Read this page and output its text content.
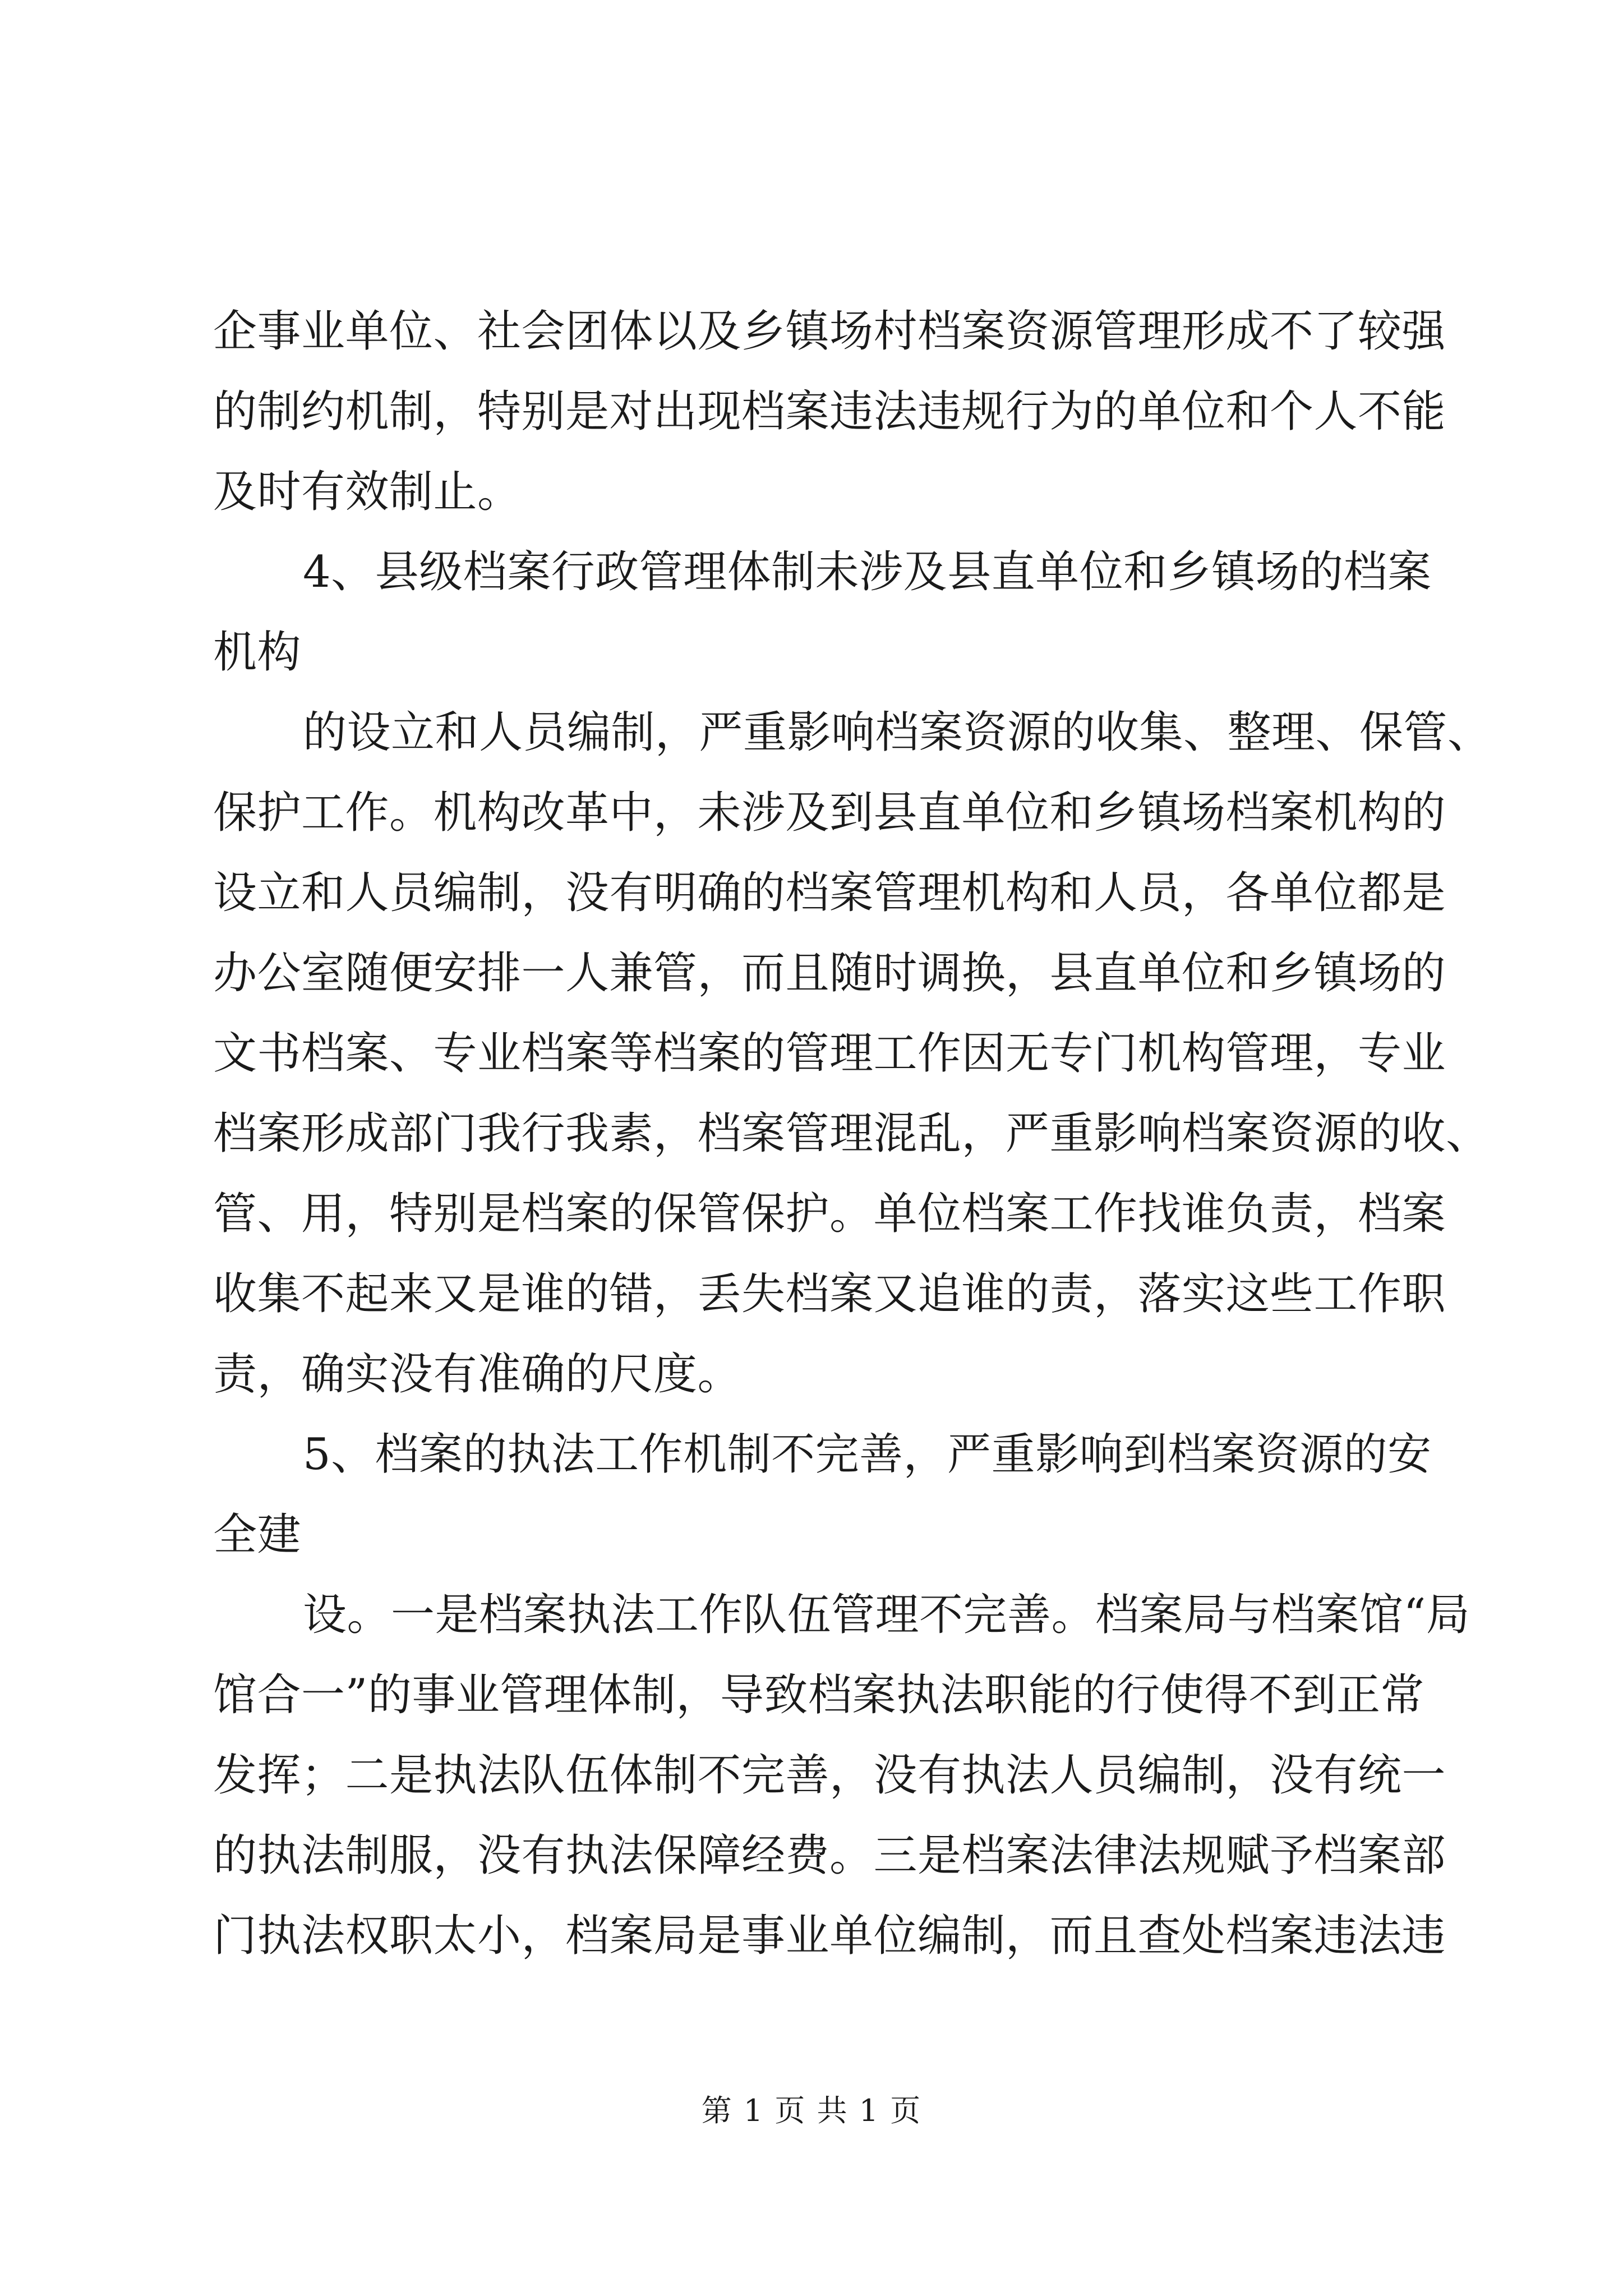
企事业单位、社会团体以及乡镇场村档案资源管理形成不了较强
的制约机制，特别是对出现档案违法违规行为的单位和个人不能
及时有效制止。
4、县级档案行政管理体制未涉及县直单位和乡镇场的档案
机构
的设立和人员编制，严重影响档案资源的收集、整理、保管、
保护工作。机构改革中，未涉及到县直单位和乡镇场档案机构的
设立和人员编制，没有明确的档案管理机构和人员，各单位都是
办公室随便安排一人兼管，而且随时调换，县直单位和乡镇场的
文书档案、专业档案等档案的管理工作因无专门机构管理，专业
档案形成部门我行我素，档案管理混乱，严重影响档案资源的收、
管、用，特别是档案的保管保护。单位档案工作找谁负责，档案
收集不起来又是谁的错，丢失档案又追谁的责，落实这些工作职
责，确实没有准确的尺度。
5、档案的执法工作机制不完善，严重影响到档案资源的安
全建
设。一是档案执法工作队伍管理不完善。档案局与档案馆“局
馆合一”的事业管理体制，导致档案执法职能的行使得不到正常
发挥；二是执法队伍体制不完善，没有执法人员编制，没有统一
的执法制服，没有执法保障经费。三是档案法律法规赋予档案部
门执法权职太小，档案局是事业单位编制，而且查处档案违法违
第 1 页 共 1 页
